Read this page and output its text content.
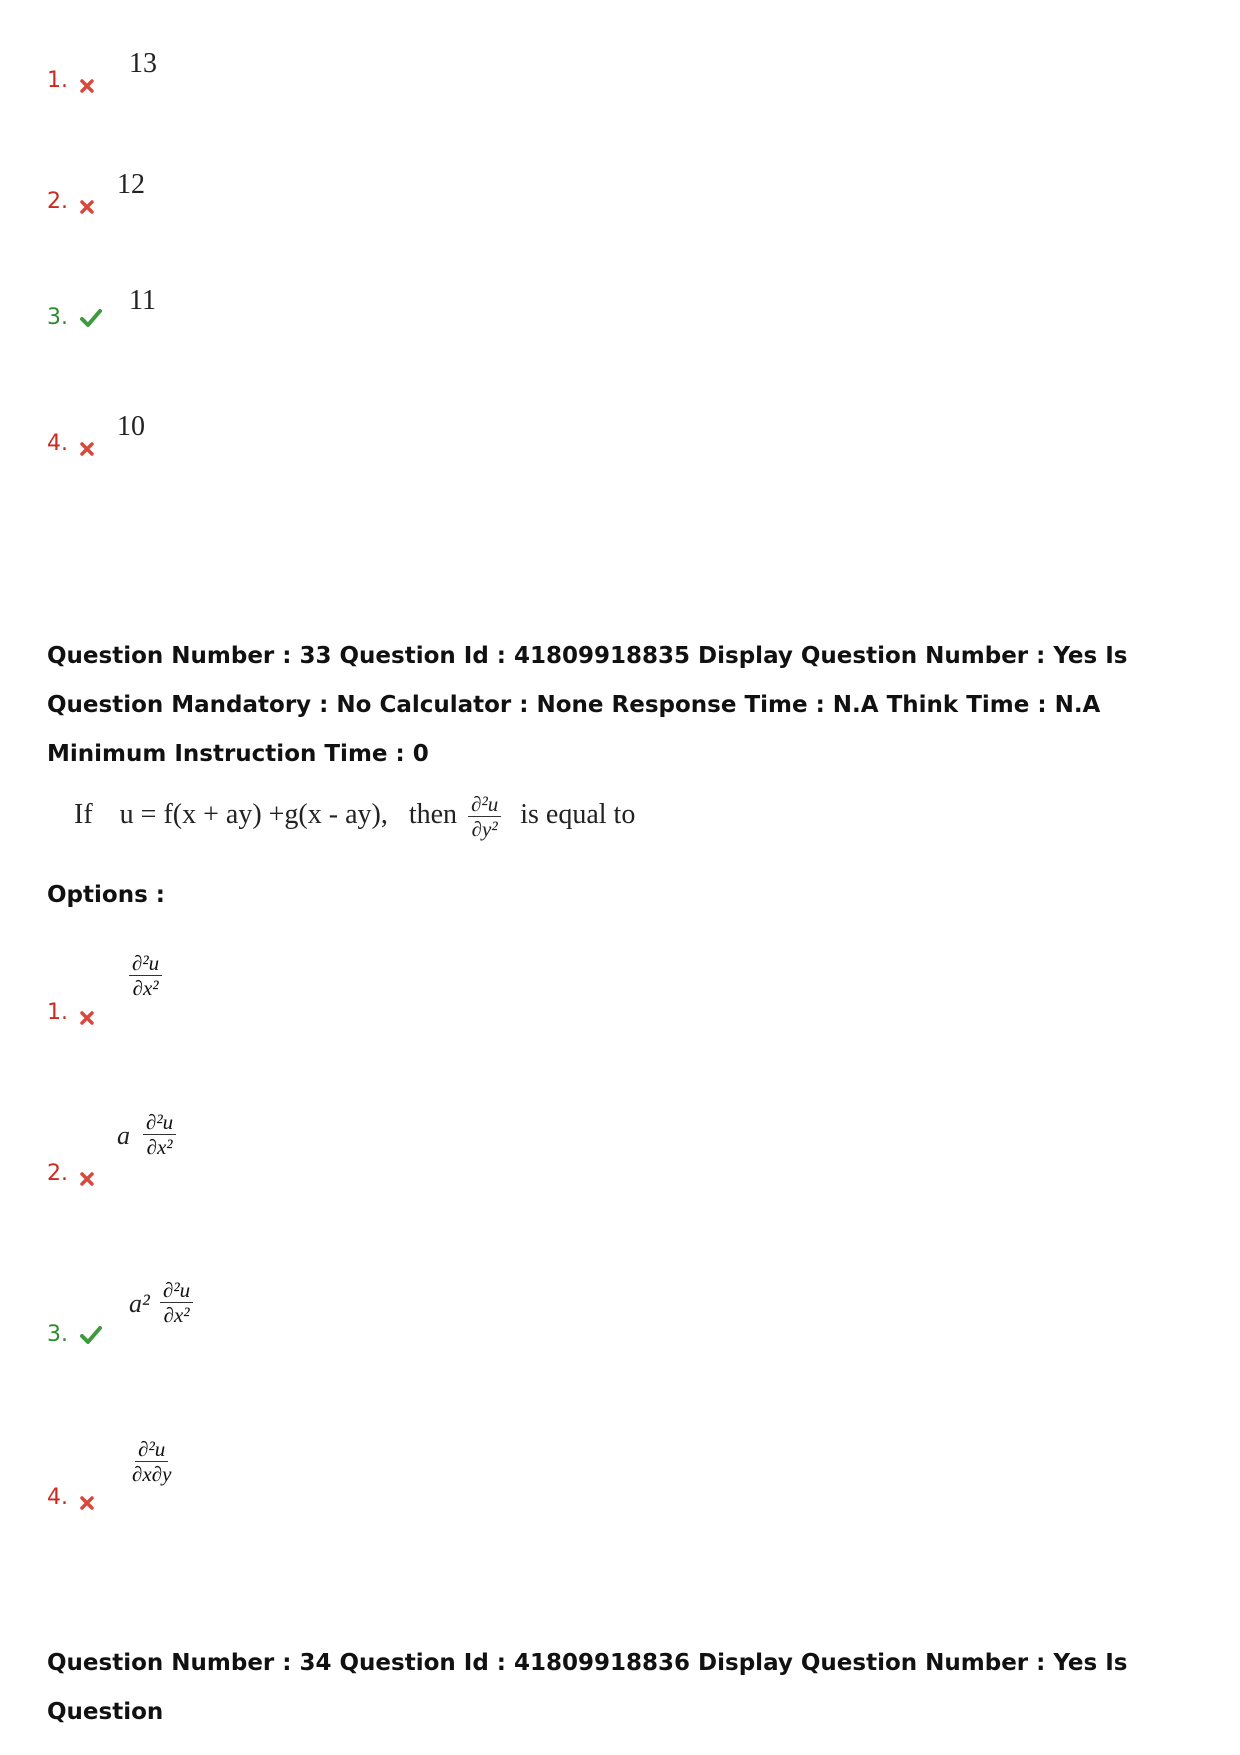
1.
13
2.
12
3.
11
4.
10
Question Number : 33 Question Id : 41809918835 Display Question Number : Yes Is Question Mandatory : No Calculator : None Response Time : N.A Think Time : N.A Minimum Instruction Time : 0
If u = f(x + ay) +g(x - ay), then $\frac{\text{∂²u}}{\text{∂y²}}$ is equal to
Options :
1.
$\frac{\text{∂²u}}{\text{∂x²}}$
2.
a $\frac{\text{∂²u}}{\text{∂x²}}$
3.
$a^2 \frac{\text{∂²u}}{\text{∂x²}}$
4.
$\frac{\text{∂²u}}{\partial x\partial y}$
Question Number : 34 Question Id : 41809918836 Display Question Number : Yes Is Question
